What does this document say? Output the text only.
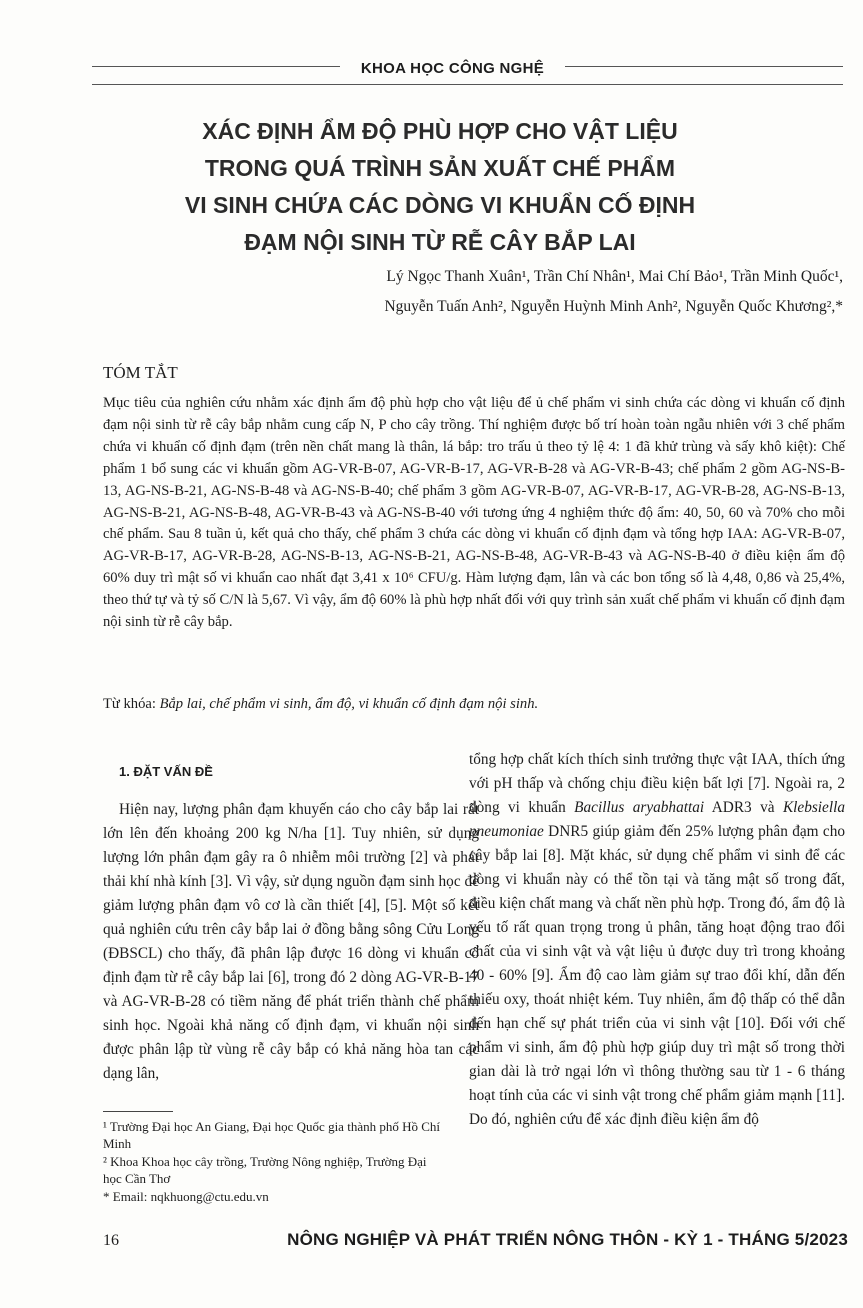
KHOA HỌC CÔNG NGHỆ
XÁC ĐỊNH ẨM ĐỘ PHÙ HỢP CHO VẬT LIỆU
TRONG QUÁ TRÌNH SẢN XUẤT CHẾ PHẨM
VI SINH CHỨA CÁC DÒNG VI KHUẨN CỐ ĐỊNH
ĐẠM NỘI SINH TỪ RỄ CÂY BẮP LAI
Lý Ngọc Thanh Xuân¹, Trần Chí Nhân¹, Mai Chí Bảo¹, Trần Minh Quốc¹,
Nguyễn Tuấn Anh², Nguyễn Huỳnh Minh Anh², Nguyễn Quốc Khương²,*
TÓM TẮT

Mục tiêu của nghiên cứu nhằm xác định ẩm độ phù hợp cho vật liệu để ủ chế phẩm vi sinh chứa các dòng vi khuẩn cố định đạm nội sinh từ rễ cây bắp nhằm cung cấp N, P cho cây trồng. Thí nghiệm được bố trí hoàn toàn ngẫu nhiên với 3 chế phẩm chứa vi khuẩn cố định đạm (trên nền chất mang là thân, lá bắp: tro trấu ủ theo tỷ lệ 4: 1 đã khử trùng và sấy khô kiệt): Chế phẩm 1 bổ sung các vi khuẩn gồm AG-VR-B-07, AG-VR-B-17, AG-VR-B-28 và AG-VR-B-43; chế phẩm 2 gồm AG-NS-B-13, AG-NS-B-21, AG-NS-B-48 và AG-NS-B-40; chế phẩm 3 gồm AG-VR-B-07, AG-VR-B-17, AG-VR-B-28, AG-NS-B-13, AG-NS-B-21, AG-NS-B-48, AG-VR-B-43 và AG-NS-B-40 với tương ứng 4 nghiệm thức độ ẩm: 40, 50, 60 và 70% cho mỗi chế phẩm. Sau 8 tuần ủ, kết quả cho thấy, chế phẩm 3 chứa các dòng vi khuẩn cố định đạm và tổng hợp IAA: AG-VR-B-07, AG-VR-B-17, AG-VR-B-28, AG-NS-B-13, AG-NS-B-21, AG-NS-B-48, AG-VR-B-43 và AG-NS-B-40 ở điều kiện ẩm độ 60% duy trì mật số vi khuẩn cao nhất đạt 3,41 x 10⁶ CFU/g. Hàm lượng đạm, lân và các bon tổng số là 4,48, 0,86 và 25,4%, theo thứ tự và tỷ số C/N là 5,67. Vì vậy, ẩm độ 60% là phù hợp nhất đối với quy trình sản xuất chế phẩm vi khuẩn cố định đạm nội sinh từ rễ cây bắp.

Từ khóa: Bắp lai, chế phẩm vi sinh, ẩm độ, vi khuẩn cố định đạm nội sinh.
1. ĐẶT VẤN ĐỀ

Hiện nay, lượng phân đạm khuyến cáo cho cây bắp lai rất lớn lên đến khoảng 200 kg N/ha [1]. Tuy nhiên, sử dụng lượng lớn phân đạm gây ra ô nhiễm môi trường [2] và phát thải khí nhà kính [3]. Vì vậy, sử dụng nguồn đạm sinh học để giảm lượng phân đạm vô cơ là cần thiết [4], [5]. Một số kết quả nghiên cứu trên cây bắp lai ở đồng bằng sông Cửu Long (ĐBSCL) cho thấy, đã phân lập được 16 dòng vi khuẩn cố định đạm từ rễ cây bắp lai [6], trong đó 2 dòng AG-VR-B-17 và AG-VR-B-28 có tiềm năng để phát triển thành chế phẩm sinh học. Ngoài khả năng cố định đạm, vi khuẩn nội sinh được phân lập từ vùng rễ cây bắp có khả năng hòa tan các dạng lân,

tổng hợp chất kích thích sinh trưởng thực vật IAA, thích ứng với pH thấp và chống chịu điều kiện bất lợi [7]. Ngoài ra, 2 dòng vi khuẩn Bacillus aryabhattai ADR3 và Klebsiella pneumoniae DNR5 giúp giảm đến 25% lượng phân đạm cho cây bắp lai [8]. Mặt khác, sử dụng chế phẩm vi sinh để các dòng vi khuẩn này có thể tồn tại và tăng mật số trong đất, điều kiện chất mang và chất nền phù hợp. Trong đó, ẩm độ là yếu tố rất quan trọng trong ủ phân, tăng hoạt động trao đổi chất của vi sinh vật và vật liệu ủ được duy trì trong khoảng 40 - 60% [9]. Ẩm độ cao làm giảm sự trao đổi khí, dẫn đến thiếu oxy, thoát nhiệt kém. Tuy nhiên, ẩm độ thấp có thể dẫn đến hạn chế sự phát triển của vi sinh vật [10]. Đối với chế phẩm vi sinh, ẩm độ phù hợp giúp duy trì mật số trong thời gian dài là trở ngại lớn vì thông thường sau từ 1 - 6 tháng hoạt tính của các vi sinh vật trong chế phẩm giảm mạnh [11]. Do đó, nghiên cứu để xác định điều kiện ẩm độ

¹ Trường Đại học An Giang, Đại học Quốc gia thành phố Hồ Chí Minh
² Khoa Khoa học cây trồng, Trường Nông nghiệp, Trường Đại học Cần Thơ
* Email: nqkhuong@ctu.edu.vn
16	NÔNG NGHIỆP VÀ PHÁT TRIỂN NÔNG THÔN - KỲ 1 - THÁNG 5/2023
